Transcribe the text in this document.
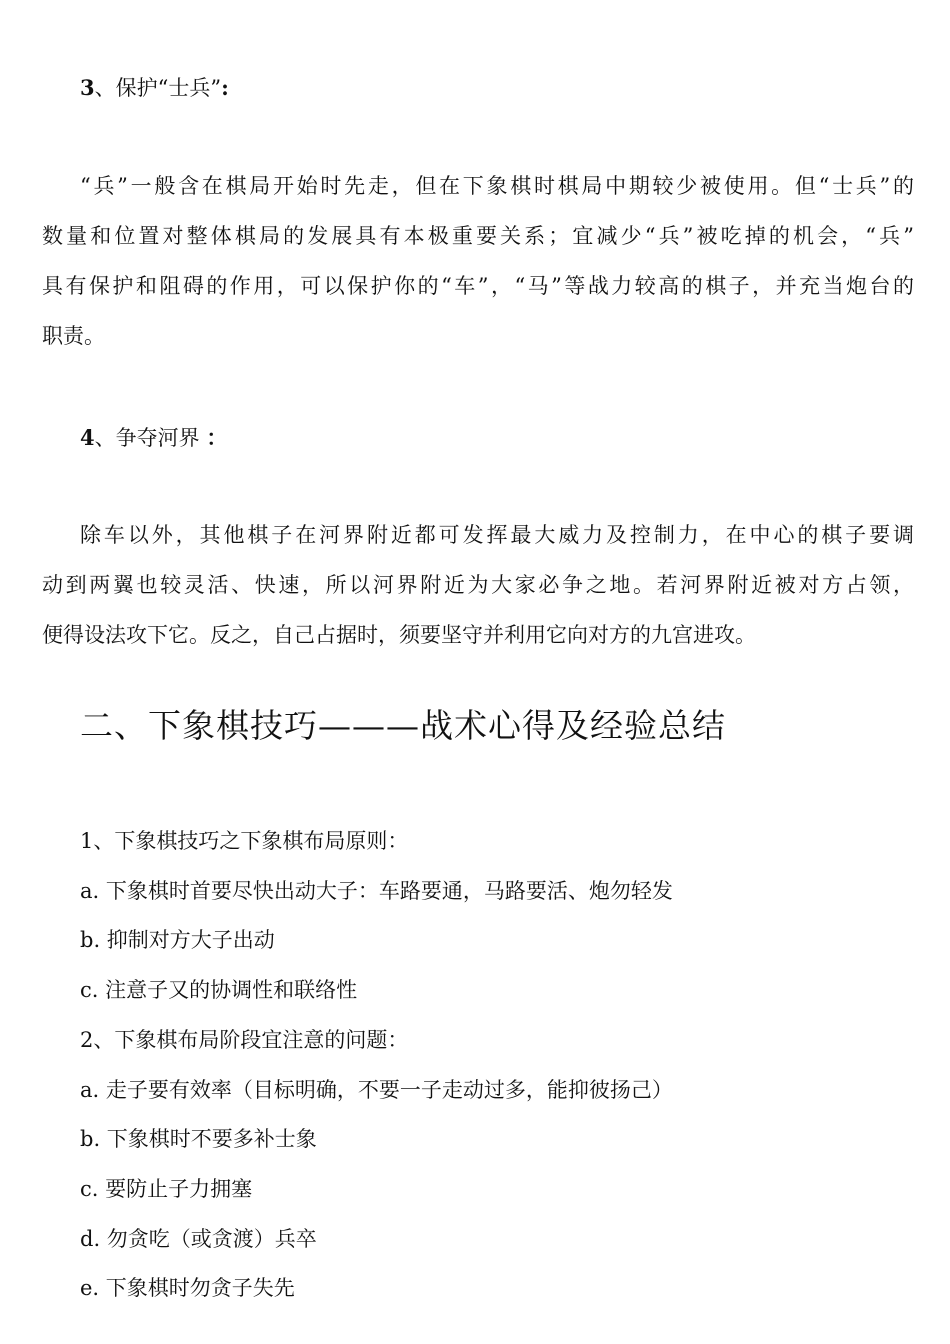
3、保护“士兵”:
“兵”一般含在棋局开始时先走，但在下象棋时棋局中期较少被使用。但“士兵”的
数量和位置对整体棋局的发展具有本极重要关系；宜减少“兵”被吃掉的机会，“兵”
具有保护和阻碍的作用，可以保护你的“车”，“马”等战力较高的棋子，并充当炮台的
职责。
4、争夺河界 ：
除车以外，其他棋子在河界附近都可发挥最大威力及控制力，在中心的棋子要调
动到两翼也较灵活、快速，所以河界附近为大家必争之地。若河界附近被对方占领，
便得设法攻下它。反之，自己占据时，须要坚守并利用它向对方的九宫进攻。
二、下象棋技巧———战术心得及经验总结
1、下象棋技巧之下象棋布局原则：
a. 下象棋时首要尽快出动大子：车路要通，马路要活、炮勿轻发
b. 抑制对方大子出动
c. 注意子又的协调性和联络性
2、下象棋布局阶段宜注意的问题：
a. 走子要有效率（目标明确，不要一子走动过多，能抑彼扬己）
b. 下象棋时不要多补士象
c. 要防止子力拥塞
d. 勿贪吃（或贪渡）兵卒
e. 下象棋时勿贪子失先
